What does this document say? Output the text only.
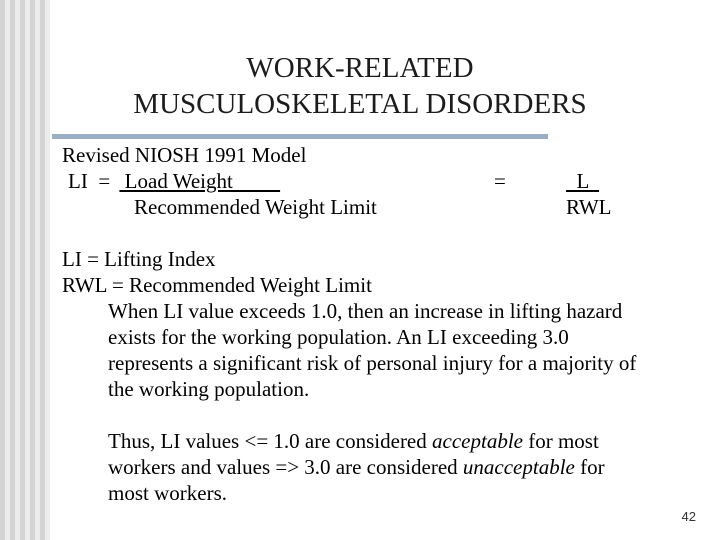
WORK-RELATED
MUSCULOSKELETAL DISORDERS
Revised NIOSH 1991 Model
LI  =  Load Weight
Recommended Weight Limit
=	L
RWL
LI = Lifting Index
RWL = Recommended Weight Limit
When LI value exceeds 1.0, then an increase in lifting hazard exists for the working population. An LI exceeding 3.0 represents a significant risk of personal injury for a majority of the working population.
Thus, LI values <= 1.0 are considered acceptable for most workers and values => 3.0 are considered unacceptable for most workers.
42
